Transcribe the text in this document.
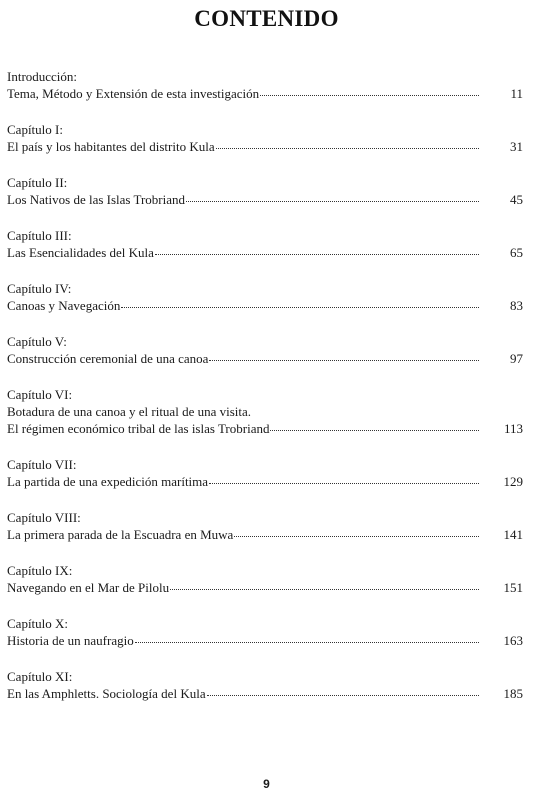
CONTENIDO
Introducción:
Tema, Método y Extensión de esta investigación	11
Capítulo I:
El país y los habitantes del distrito Kula	31
Capítulo II:
Los Nativos de las Islas Trobriand	45
Capítulo III:
Las Esencialidades del Kula	65
Capítulo IV:
Canoas y Navegación	83
Capítulo V:
Construcción ceremonial de una canoa	97
Capítulo VI:
Botadura de una canoa y el ritual de una visita.
El régimen económico tribal de las islas Trobriand	113
Capítulo VII:
La partida de una expedición marítima	129
Capítulo VIII:
La primera parada de la Escuadra en Muwa	141
Capítulo IX:
Navegando en el Mar de Pilolu	151
Capítulo X:
Historia de un naufragio	163
Capítulo XI:
En las Amphletts. Sociología del Kula	185
9
